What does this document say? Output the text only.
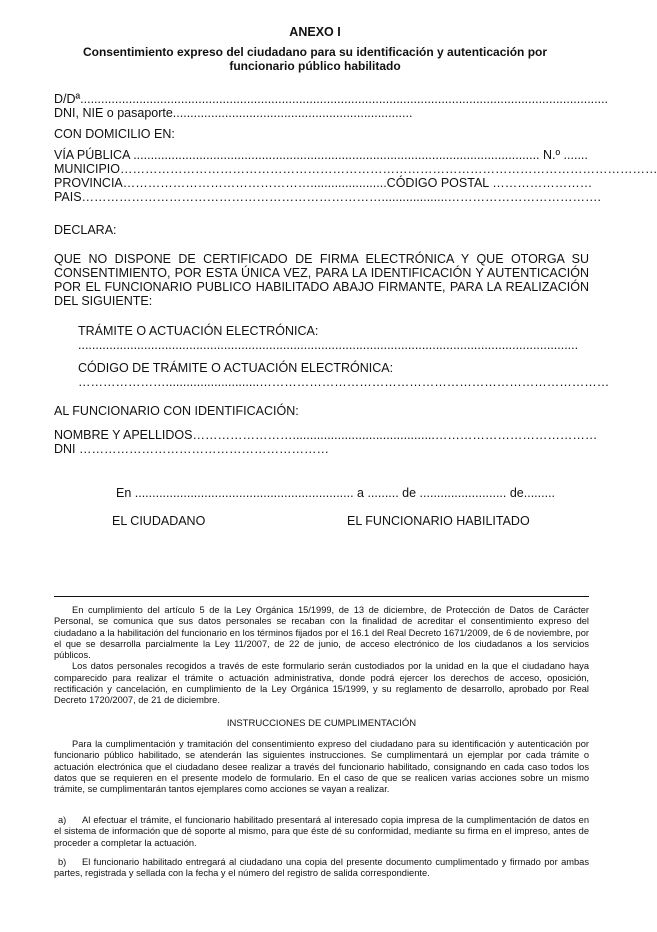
ANEXO I
Consentimiento expreso del ciudadano para su identificación y autenticación por funcionario público habilitado
D/Dª........................................................................................................................................................
DNI, NIE o pasaporte.....................................................................
CON DOMICILIO EN:
VÍA PÚBLICA ..................................................................................................................... N.º .......
MUNICIPIO…………………………………………………………………………………………………………………
PROVINCIA………………………………………......................CÓDIGO POSTAL ……………………
PAIS………………………………………………………………...................……………………………….
DECLARA:
QUE NO DISPONE DE CERTIFICADO DE FIRMA ELECTRÓNICA Y QUE OTORGA SU CONSENTIMIENTO, POR ESTA ÚNICA VEZ, PARA LA IDENTIFICACIÓN Y AUTENTICACIÓN POR EL FUNCIONARIO PUBLICO HABILITADO ABAJO FIRMANTE, PARA LA REALIZACIÓN DEL SIGUIENTE:
TRÁMITE O ACTUACIÓN ELECTRÓNICA:
................................................................................................................................................
CÓDIGO DE TRÁMITE O ACTUACIÓN ELECTRÓNICA:
…………………...........................…………………………………………………………………………
AL FUNCIONARIO CON IDENTIFICACIÓN:
NOMBRE Y APELLIDOS…………………….........................................…………………………………
DNI ……………………………………………………
En ............................................................... a ......... de ......................... de.........
EL CIUDADANO	EL FUNCIONARIO HABILITADO

En cumplimiento del artículo 5 de la Ley Orgánica 15/1999, de 13 de diciembre, de Protección de Datos de Carácter Personal, se comunica que sus datos personales se recaban con la finalidad de acreditar el consentimiento expreso del ciudadano a la habilitación del funcionario en los términos fijados por el 16.1 del Real Decreto 1671/2009, de 6 de noviembre, por el que se desarrolla parcialmente la Ley 11/2007, de 22 de junio, de acceso electrónico de los ciudadanos a los servicios públicos.

Los datos personales recogidos a través de este formulario serán custodiados por la unidad en la que el ciudadano haya comparecido para realizar el trámite o actuación administrativa, donde podrá ejercer los derechos de acceso, oposición, rectificación y cancelación, en cumplimiento de la Ley Orgánica 15/1999, y su reglamento de desarrollo, aprobado por Real Decreto 1720/2007, de 21 de diciembre.

INSTRUCCIONES DE CUMPLIMENTACIÓN

Para la cumplimentación y tramitación del consentimiento expreso del ciudadano para su identificación y autenticación por funcionario público habilitado, se atenderán las siguientes instrucciones. Se cumplimentará un ejemplar por cada trámite o actuación electrónica que el ciudadano desee realizar a través del funcionario habilitado, consignando en cada caso todos los datos que se requieren en el presente modelo de formulario. En el caso de que se realicen varias acciones sobre un mismo trámite, se cumplimentarán tantos ejemplares como acciones se vayan a realizar.

a) Al efectuar el trámite, el funcionario habilitado presentará al interesado copia impresa de la cumplimentación de datos en el sistema de información que dé soporte al mismo, para que éste dé su conformidad, mediante su firma en el impreso, antes de proceder a completar la actuación.
b) El funcionario habilitado entregará al ciudadano una copia del presente documento cumplimentado y firmado por ambas partes, registrada y sellada con la fecha y el número del registro de salida correspondiente.
